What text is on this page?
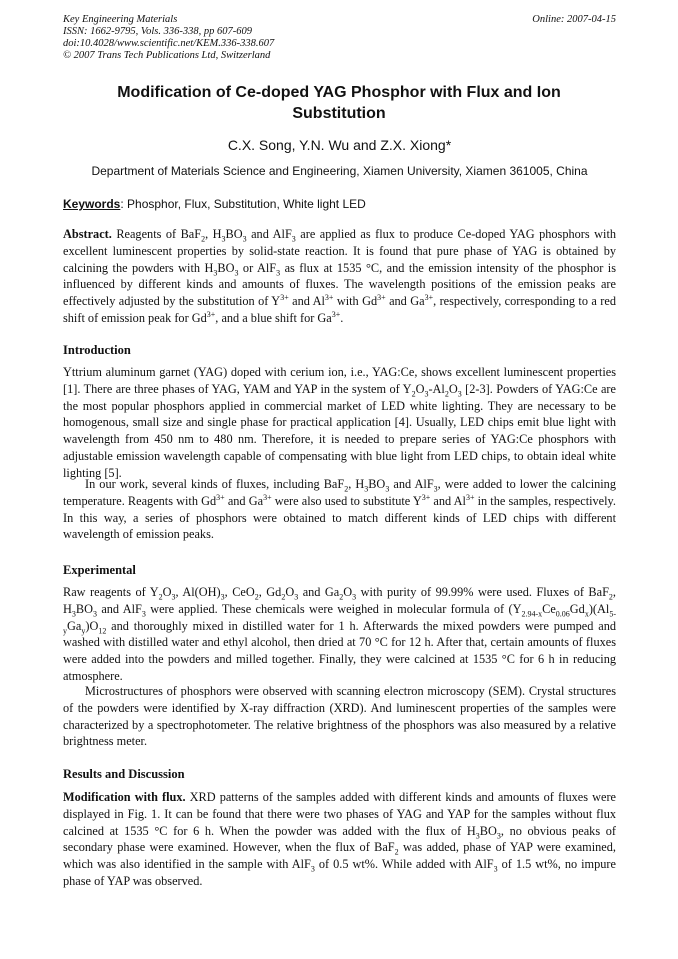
Key Engineering Materials
ISSN: 1662-9795, Vols. 336-338, pp 607-609
doi:10.4028/www.scientific.net/KEM.336-338.607
© 2007 Trans Tech Publications Ltd, Switzerland
Online: 2007-04-15
Modification of Ce-doped YAG Phosphor with Flux and Ion Substitution
C.X. Song, Y.N. Wu and Z.X. Xiong*
Department of Materials Science and Engineering, Xiamen University, Xiamen 361005, China
Keywords: Phosphor, Flux, Substitution, White light LED
Abstract. Reagents of BaF$_2$, $H_3BO_3$ and AlF$_3$ are applied as flux to produce Ce-doped YAG phosphors with excellent luminescent properties by solid-state reaction. It is found that pure phase of YAG is obtained by calcining the powders with $H_3BO_3$ or AlF$_3$ as flux at 1535 °C, and the emission intensity of the phosphor is influenced by different kinds and amounts of fluxes. The wavelength positions of the emission peaks are effectively adjusted by the substitution of $Y^{3+}$ and $Al^{3+}$ with $Gd^{3+}$ and $Ga^{3+}$, respectively, corresponding to a red shift of emission peak for $Gd^{3+}$, and a blue shift for $Ga^{3+}$.
Introduction
Yttrium aluminum garnet (YAG) doped with cerium ion, i.e., YAG:Ce, shows excellent luminescent properties [1]. There are three phases of YAG, YAM and YAP in the system of $Y_2O_3-Al_2O_3$ [2-3]. Powders of YAG:Ce are the most popular phosphors applied in commercial market of LED white lighting. They are necessary to be homogenous, small size and single phase for practical application [4]. Usually, LED chips emit blue light with wavelength from 450 nm to 480 nm. Therefore, it is needed to prepare series of YAG:Ce phosphors with adjustable emission wavelength capable of compensating with blue light from LED chips, to obtain ideal white lighting [5].
In our work, several kinds of fluxes, including BaF$_2$, $H_3BO_3$ and AlF$_3$, were added to lower the calcining temperature. Reagents with $Gd^{3+}$ and $Ga^{3+}$ were also used to substitute $Y^{3+}$ and $Al^{3+}$ in the samples, respectively. In this way, a series of phosphors were obtained to match different kinds of LED chips with different wavelength of emission peaks.
Experimental
Raw reagents of $Y_2O_3$, $Al(OH)_3$, CeO$_2$, $Gd_2O_3$ and $Ga_2O_3$ with purity of 99.99% were used. Fluxes of BaF$_2$, $H_3BO_3$ and AlF$_3$ were applied. These chemicals were weighed in molecular formula of $(Y_{2.94-x}Ce_{0.06}Gd_x)(Al_{5-y}Ga_y)O_{12}$ and thoroughly mixed in distilled water for 1 h. Afterwards the mixed powders were pumped and washed with distilled water and ethyl alcohol, then dried at 70 °C for 12 h. After that, certain amounts of fluxes were added into the powders and milled together. Finally, they were calcined at 1535 °C for 6 h in reducing atmosphere.
Microstructures of phosphors were observed with scanning electron microscopy (SEM). Crystal structures of the powders were identified by X-ray diffraction (XRD). And luminescent properties of the samples were characterized by a spectrophotometer. The relative brightness of the phosphors was also measured by a relative brightness meter.
Results and Discussion
Modification with flux. XRD patterns of the samples added with different kinds and amounts of fluxes were displayed in Fig. 1. It can be found that there were two phases of YAG and YAP for the samples without flux calcined at 1535 °C for 6 h. When the powder was added with the flux of $H_3BO_3$, no obvious peaks of secondary phase were examined. However, when the flux of BaF$_2$ was added, phase of YAP were examined, which was also identified in the sample with AlF$_3$ of 0.5 wt%. While added with AlF$_3$ of 1.5 wt%, no impure phase of YAP was observed.
